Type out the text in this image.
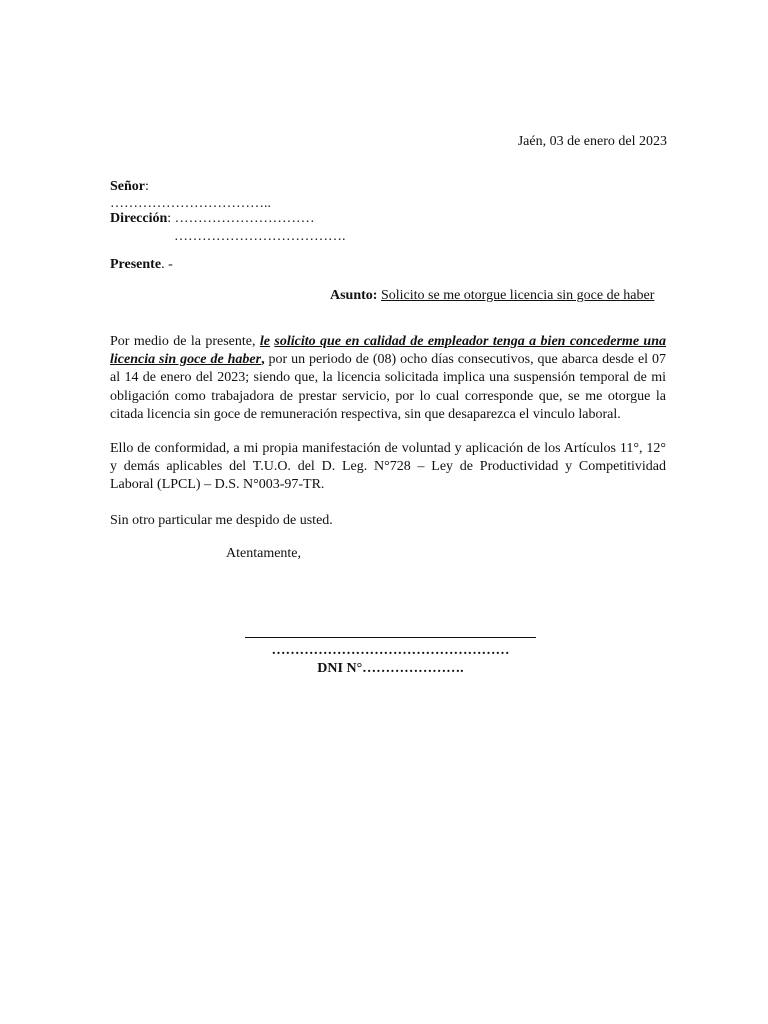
Jaén, 03 de enero del 2023
Señor:
……………………………..
Dirección: …………………………
……………………………….
Presente. -
Asunto: Solicito se me otorgue licencia sin goce de haber

Por medio de la presente, le solicito que en calidad de empleador tenga a bien concederme una licencia sin goce de haber, por un periodo de (08) ocho días consecutivos, que abarca desde el 07 al 14 de enero del 2023; siendo que, la licencia solicitada implica una suspensión temporal de mi obligación como trabajadora de prestar servicio, por lo cual corresponde que, se me otorgue la citada licencia sin goce de remuneración respectiva, sin que desaparezca el vinculo laboral.

Ello de conformidad, a mi propia manifestación de voluntad y aplicación de los Artículos 11°, 12° y demás aplicables del T.U.O. del D. Leg. N°728 – Ley de Productividad y Competitividad Laboral (LPCL) – D.S. N°003-97-TR.

Sin otro particular me despido de usted.
Atentamente,
……………………………………………
DNI N°………………….
